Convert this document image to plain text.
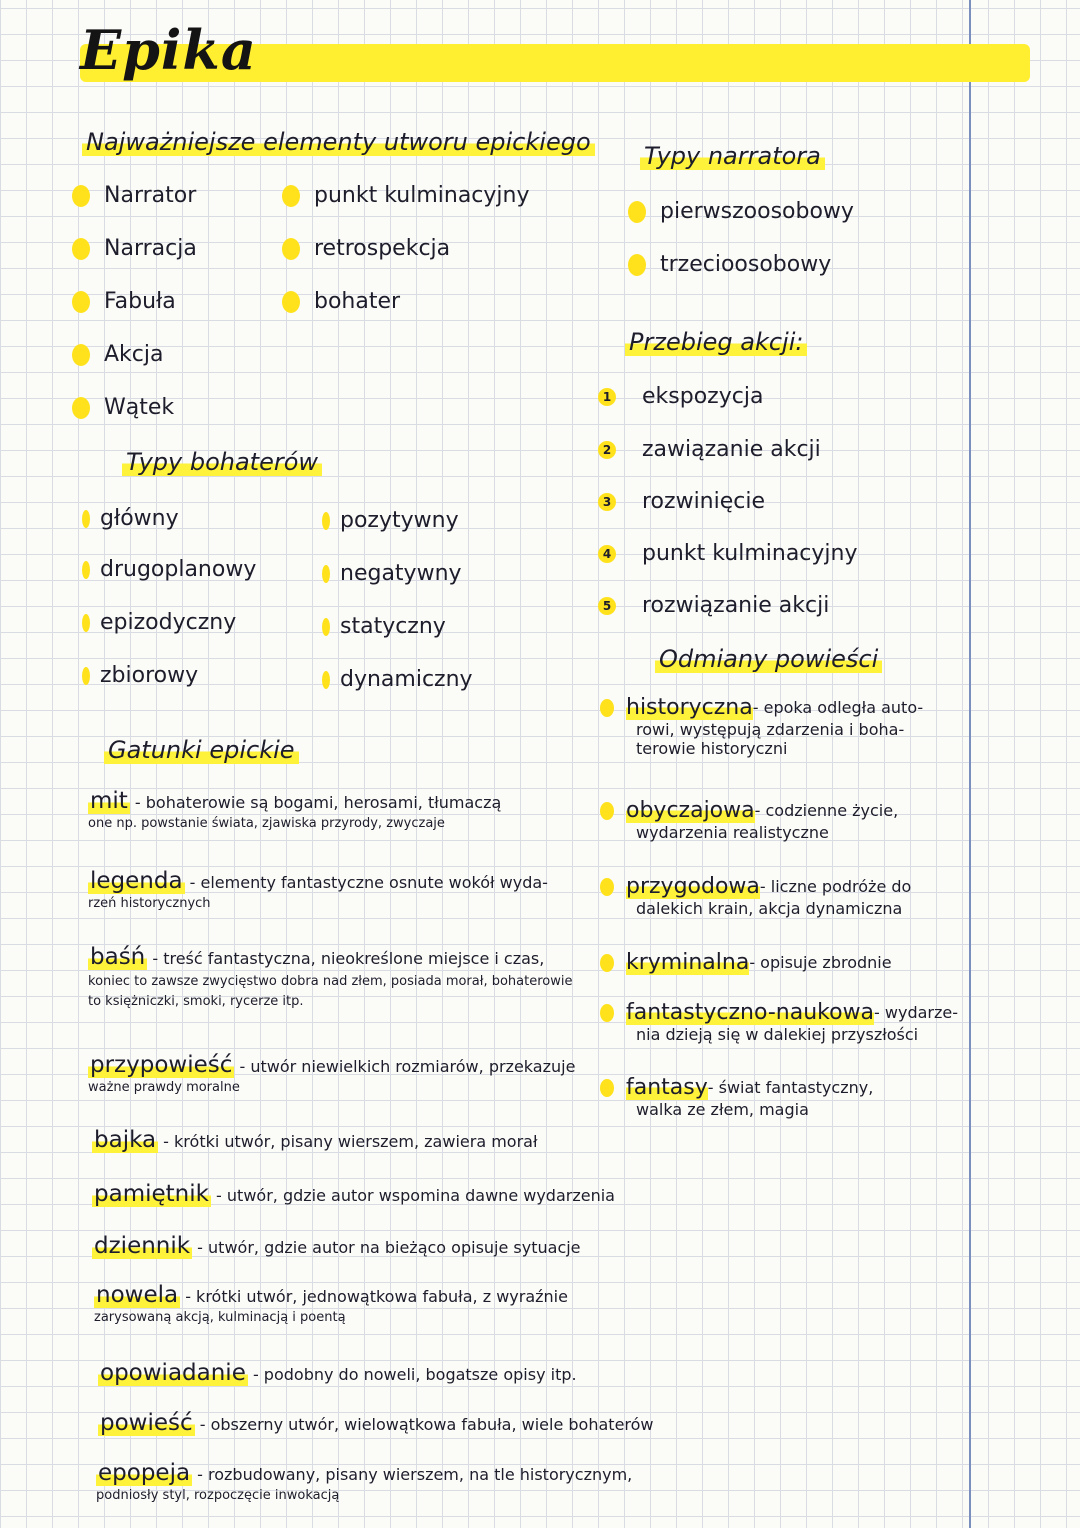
Epika
Najważniejsze elementy utworu epickiego
Narrator
Narracja
Fabuła
Akcja
Wątek
punkt kulminacyjny
retrospekcja
bohater
Typy narratora
pierwszoosobowy
trzecioosobowy
Przebieg akcji:
1 ekspozycja
2 zawiązanie akcji
3 rozwinięcie
4 punkt kulminacyjny
5 rozwiązanie akcji
Typy bohaterów
główny
drugoplanowy
epizodyczny
zbiorowy
pozytywny
negatywny
statyczny
dynamiczny
Odmiany powieści
historyczna - epoka odległa auto-
rowi, występują zdarzenia i boha-
terowie historyczni
obyczajowa - codzienne życie,
wydarzenia realistyczne
przygodowa - liczne podróże do
dalekich krain, akcja dynamiczna
kryminalna - opisuje zbrodnie
fantastyczno-naukowa - wydarze-
nia dzieją się w dalekiej przyszłości
fantasy - świat fantastyczny,
walka ze złem, magia
Gatunki epickie
mit - bohaterowie są bogami, herosami, tłumaczą
one np. powstanie świata, zjawiska przyrody, zwyczaje
legenda - elementy fantastyczne osnute wokół wyda-
rzeń historycznych
baśń - treść fantastyczna, nieokreślone miejsce i czas,
koniec to zawsze zwycięstwo dobra nad złem, posiada morał, bohaterowie to księżniczki, smoki, rycerze itp.
przypowieść - utwór niewielkich rozmiarów, przekazuje
ważne prawdy moralne
bajka - krótki utwór, pisany wierszem, zawiera morał
pamiętnik - utwór, gdzie autor wspomina dawne wydarzenia
dziennik - utwór, gdzie autor na bieżąco opisuje sytuacje
nowela - krótki utwór, jednowątkowa fabuła, z wyraźnie
zarysowaną akcją, kulminacją i poentą
opowiadanie - podobny do noweli, bogatsze opisy itp.
powieść - obszerny utwór, wielowątkowa fabuła, wiele bohaterów
epopeja - rozbudowany, pisany wierszem, na tle historycznym,
podniosły styl, rozpoczęcie inwokacją
